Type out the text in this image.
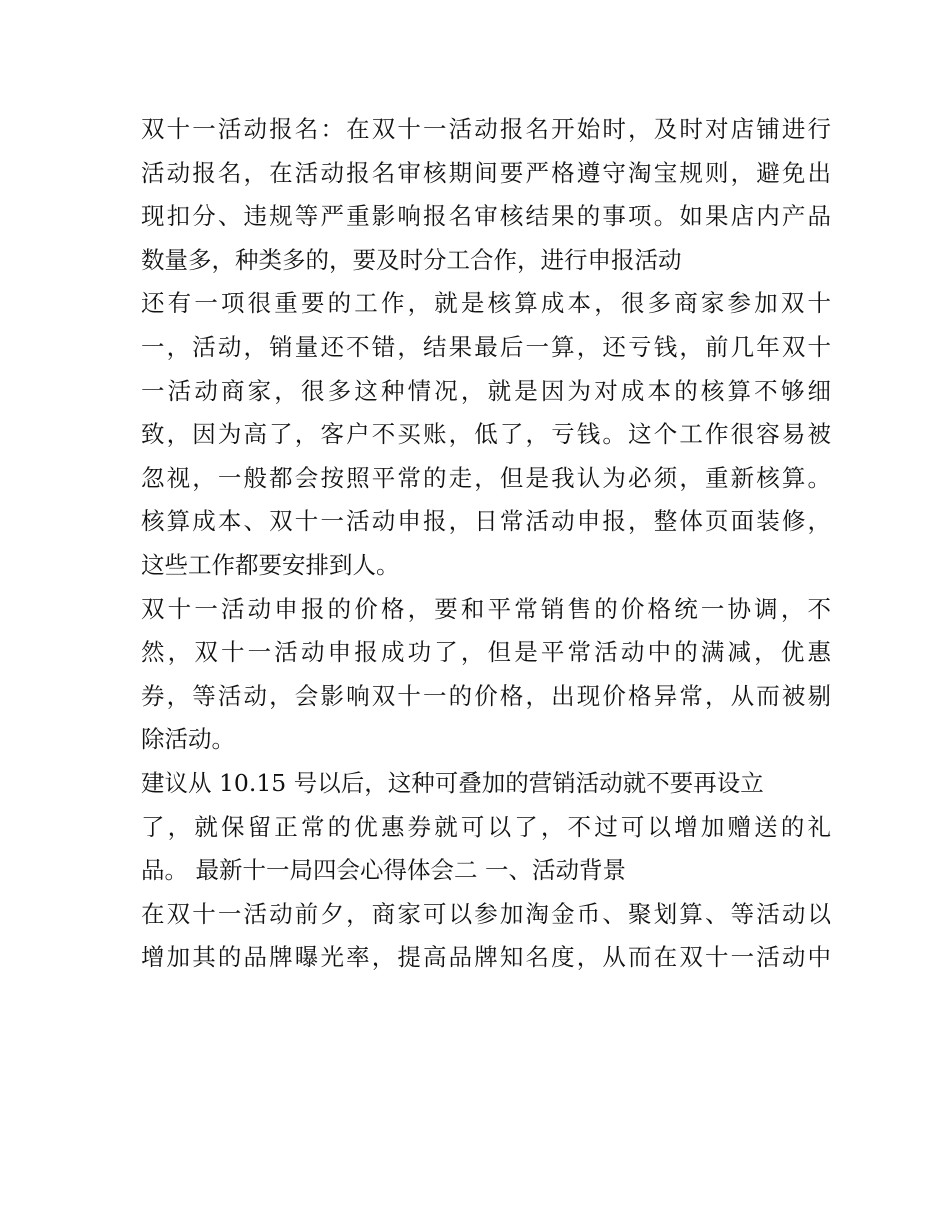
双十一活动报名：在双十一活动报名开始时，及时对店铺进行
活动报名，在活动报名审核期间要严格遵守淘宝规则，避免出
现扣分、违规等严重影响报名审核结果的事项。如果店内产品
数量多，种类多的，要及时分工合作，进行申报活动
还有一项很重要的工作，就是核算成本，很多商家参加双十
一，活动，销量还不错，结果最后一算，还亏钱，前几年双十
一活动商家，很多这种情况，就是因为对成本的核算不够细
致，因为高了，客户不买账，低了，亏钱。这个工作很容易被
忽视，一般都会按照平常的走，但是我认为必须，重新核算。
核算成本、双十一活动申报，日常活动申报，整体页面装修，
这些工作都要安排到人。
双十一活动申报的价格，要和平常销售的价格统一协调，不
然，双十一活动申报成功了，但是平常活动中的满减，优惠
券，等活动，会影响双十一的价格，出现价格异常，从而被剔
除活动。
建议从 10.15 号以后，这种可叠加的营销活动就不要再设立
了，就保留正常的优惠券就可以了，不过可以增加赠送的礼
品。 最新十一局四会心得体会二 一、活动背景
在双十一活动前夕，商家可以参加淘金币、聚划算、等活动以
增加其的品牌曝光率，提高品牌知名度，从而在双十一活动中
